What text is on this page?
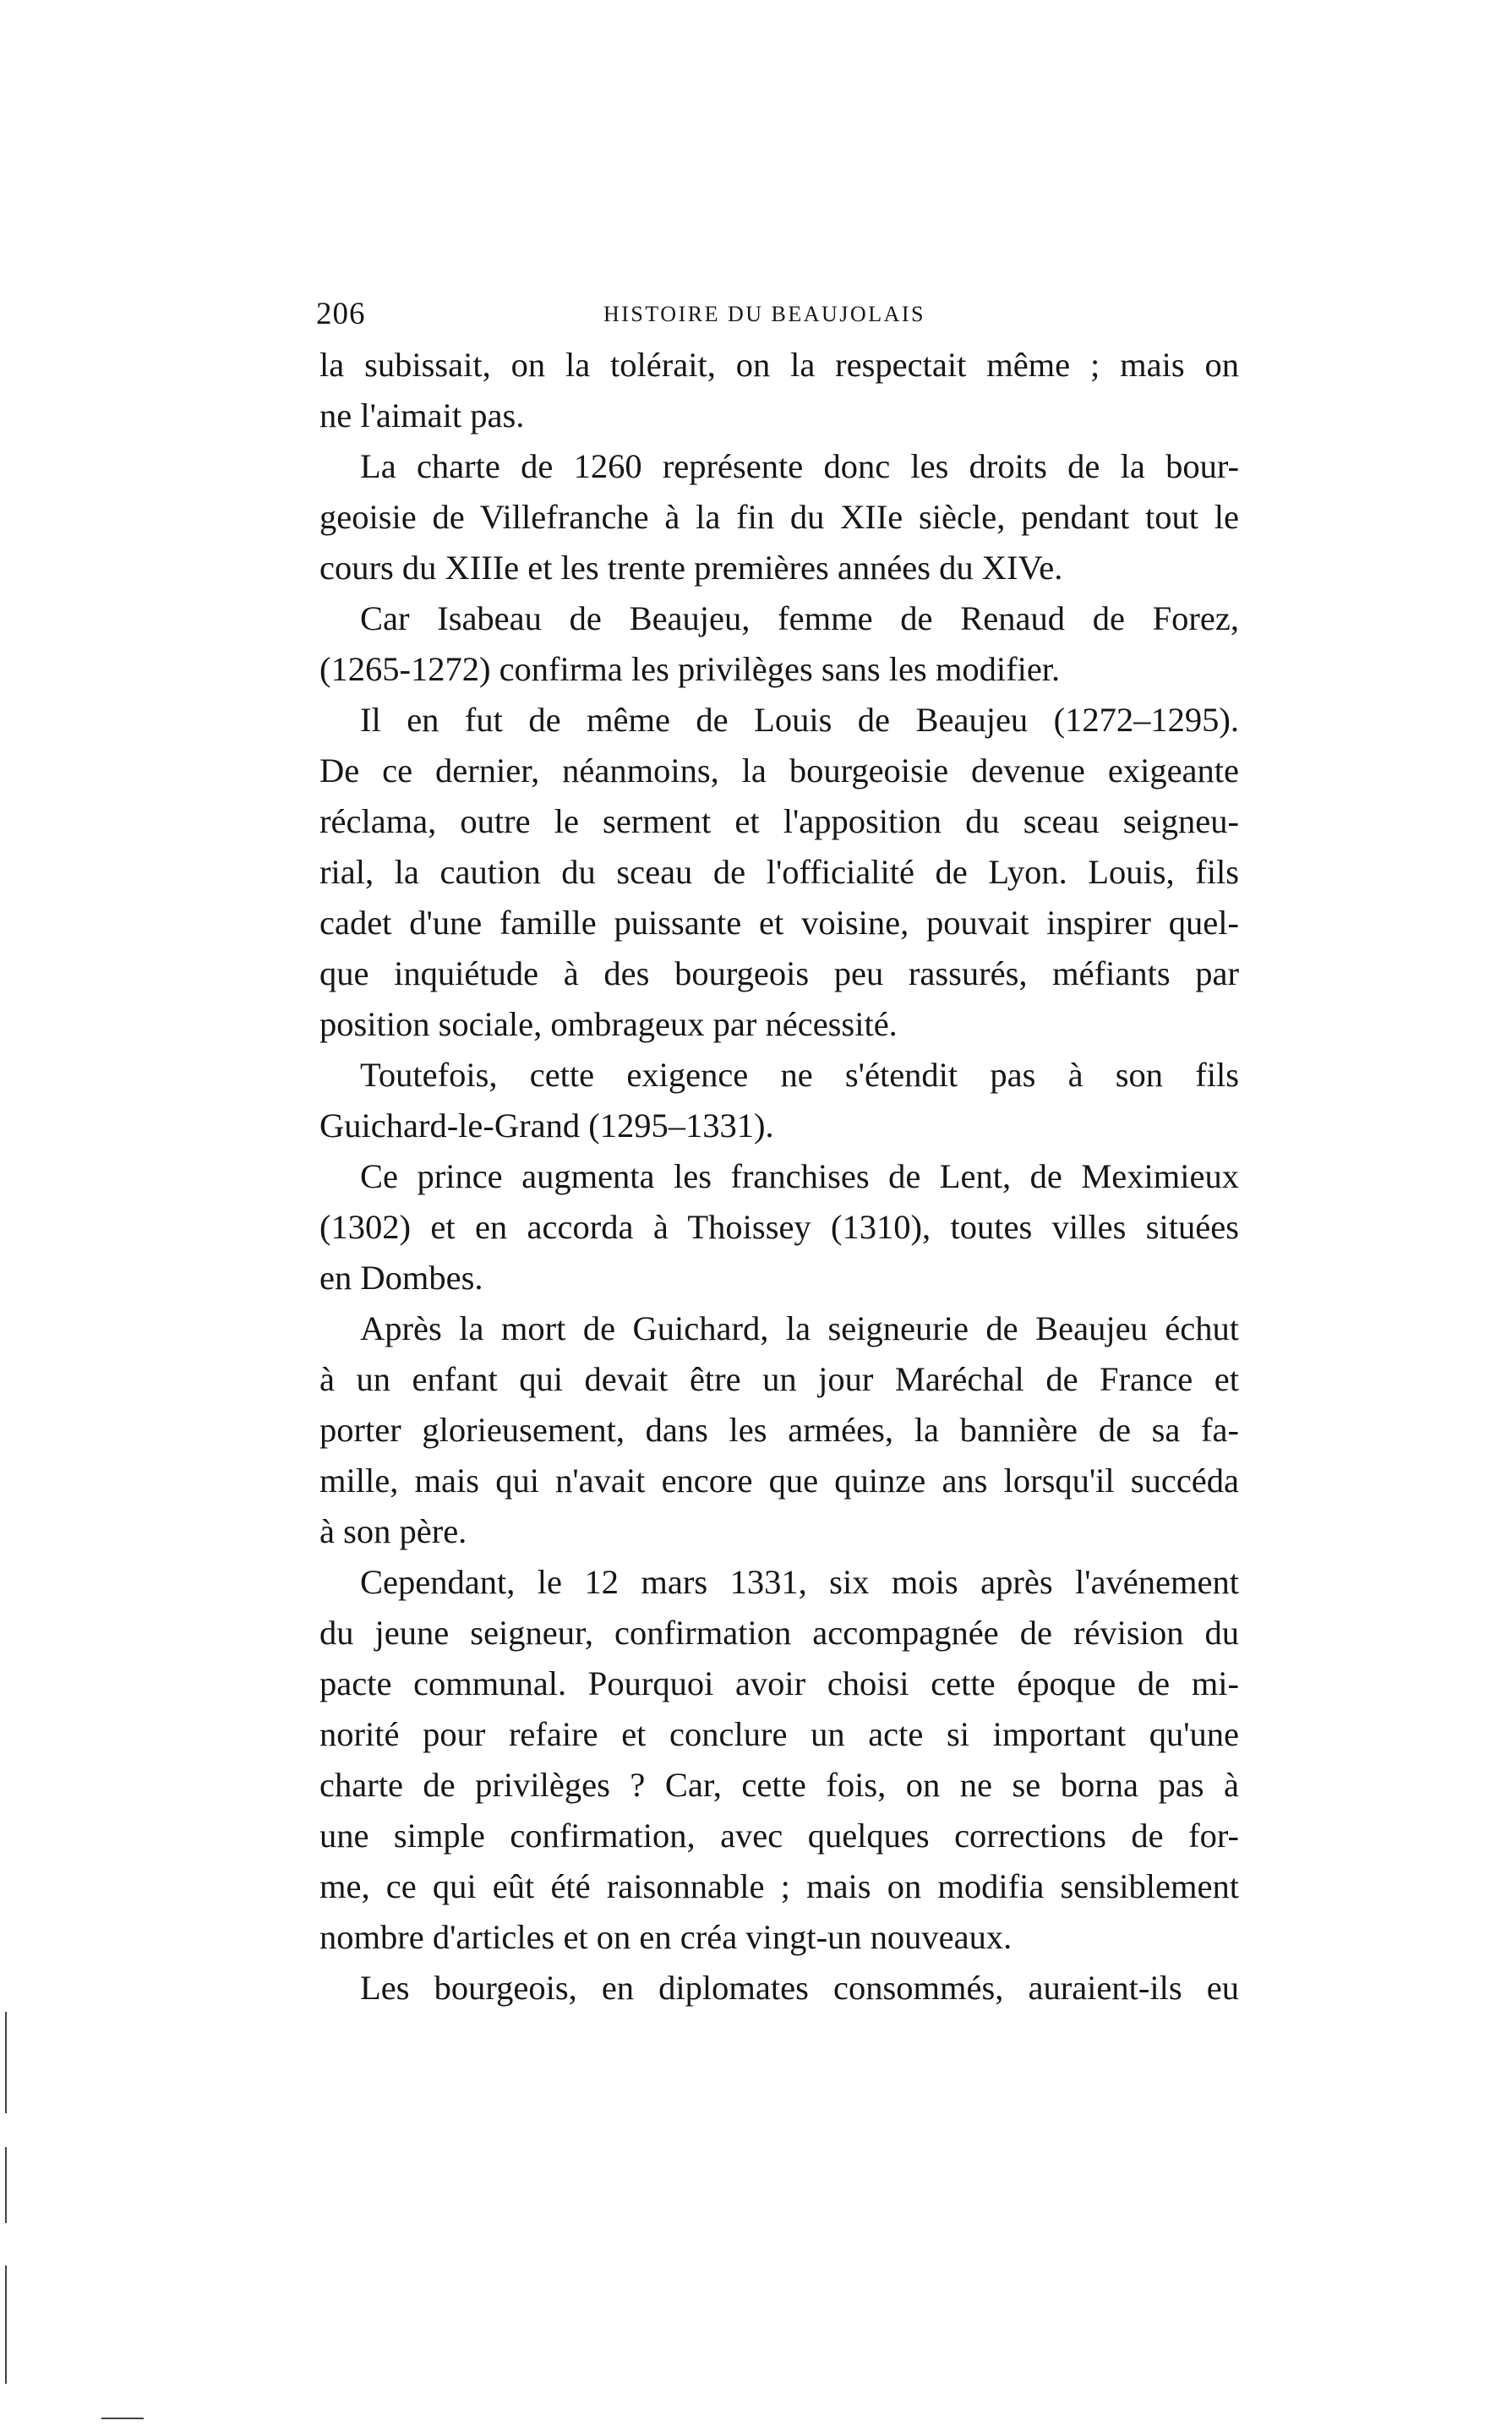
206	HISTOIRE DU BEAUJOLAIS
la subissait, on la tolérait, on la respectait même ; mais on
ne l'aimait pas.
La charte de 1260 représente donc les droits de la bour-
geoisie de Villefranche à la fin du XIIe siècle, pendant tout le
cours du XIIIe et les trente premières années du XIVe.
Car Isabeau de Beaujeu, femme de Renaud de Forez,
(1265-1272) confirma les privilèges sans les modifier.
Il en fut de même de Louis de Beaujeu (1272–1295).
De ce dernier, néanmoins, la bourgeoisie devenue exigeante
réclama, outre le serment et l'apposition du sceau seigneu-
rial, la caution du sceau de l'officialité de Lyon. Louis, fils
cadet d'une famille puissante et voisine, pouvait inspirer quel-
que inquiétude à des bourgeois peu rassurés, méfiants par
position sociale, ombrageux par nécessité.
Toutefois, cette exigence ne s'étendit pas à son fils
Guichard-le-Grand (1295–1331).
Ce prince augmenta les franchises de Lent, de Meximieux
(1302) et en accorda à Thoissey (1310), toutes villes situées
en Dombes.
Après la mort de Guichard, la seigneurie de Beaujeu échut
à un enfant qui devait être un jour Maréchal de France et
porter glorieusement, dans les armées, la bannière de sa fa-
mille, mais qui n'avait encore que quinze ans lorsqu'il succéda
à son père.
Cependant, le 12 mars 1331, six mois après l'avénement
du jeune seigneur, confirmation accompagnée de révision du
pacte communal. Pourquoi avoir choisi cette époque de mi-
norité pour refaire et conclure un acte si important qu'une
charte de privilèges ? Car, cette fois, on ne se borna pas à
une simple confirmation, avec quelques corrections de for-
me, ce qui eût été raisonnable ; mais on modifia sensiblement
nombre d'articles et on en créa vingt-un nouveaux.
Les bourgeois, en diplomates consommés, auraient-ils eu
